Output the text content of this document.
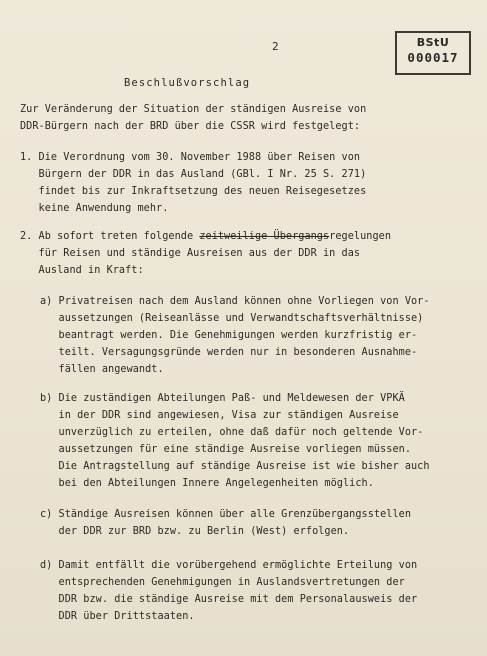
BStU
000017
2
Beschlußvorschlag
Zur Veränderung der Situation der ständigen Ausreise von
DDR-Bürgern nach der BRD über die CSSR wird festgelegt:
1. Die Verordnung vom 30. November 1988 über Reisen von
Bürgern der DDR in das Ausland (GBl. I Nr. 25 S. 271)
findet bis zur Inkraftsetzung des neuen Reisegesetzes
keine Anwendung mehr.
2. Ab sofort treten folgende zeitweilige Übergangsregelungen
für Reisen und ständige Ausreisen aus der DDR in das
Ausland in Kraft:
a) Privatreisen nach dem Ausland können ohne Vorliegen von Vor-
aussetzungen (Reiseanlässe und Verwandtschaftsverhältnisse)
beantragt werden. Die Genehmigungen werden kurzfristig er-
teilt. Versagungsgründe werden nur in besonderen Ausnahme-
fällen angewandt.
b) Die zuständigen Abteilungen Paß- und Meldewesen der VPKÄ
in der DDR sind angewiesen, Visa zur ständigen Ausreise
unverzüglich zu erteilen, ohne daß dafür noch geltende Vor-
aussetzungen für eine ständige Ausreise vorliegen müssen.
Die Antragstellung auf ständige Ausreise ist wie bisher auch
bei den Abteilungen Innere Angelegenheiten möglich.
c) Ständige Ausreisen können über alle Grenzübergangsstellen
der DDR zur BRD bzw. zu Berlin (West) erfolgen.
d) Damit entfällt die vorübergehend ermöglichte Erteilung von
entsprechenden Genehmigungen in Auslandsvertretungen der
DDR bzw. die ständige Ausreise mit dem Personalausweis der
DDR über Drittstaaten.
